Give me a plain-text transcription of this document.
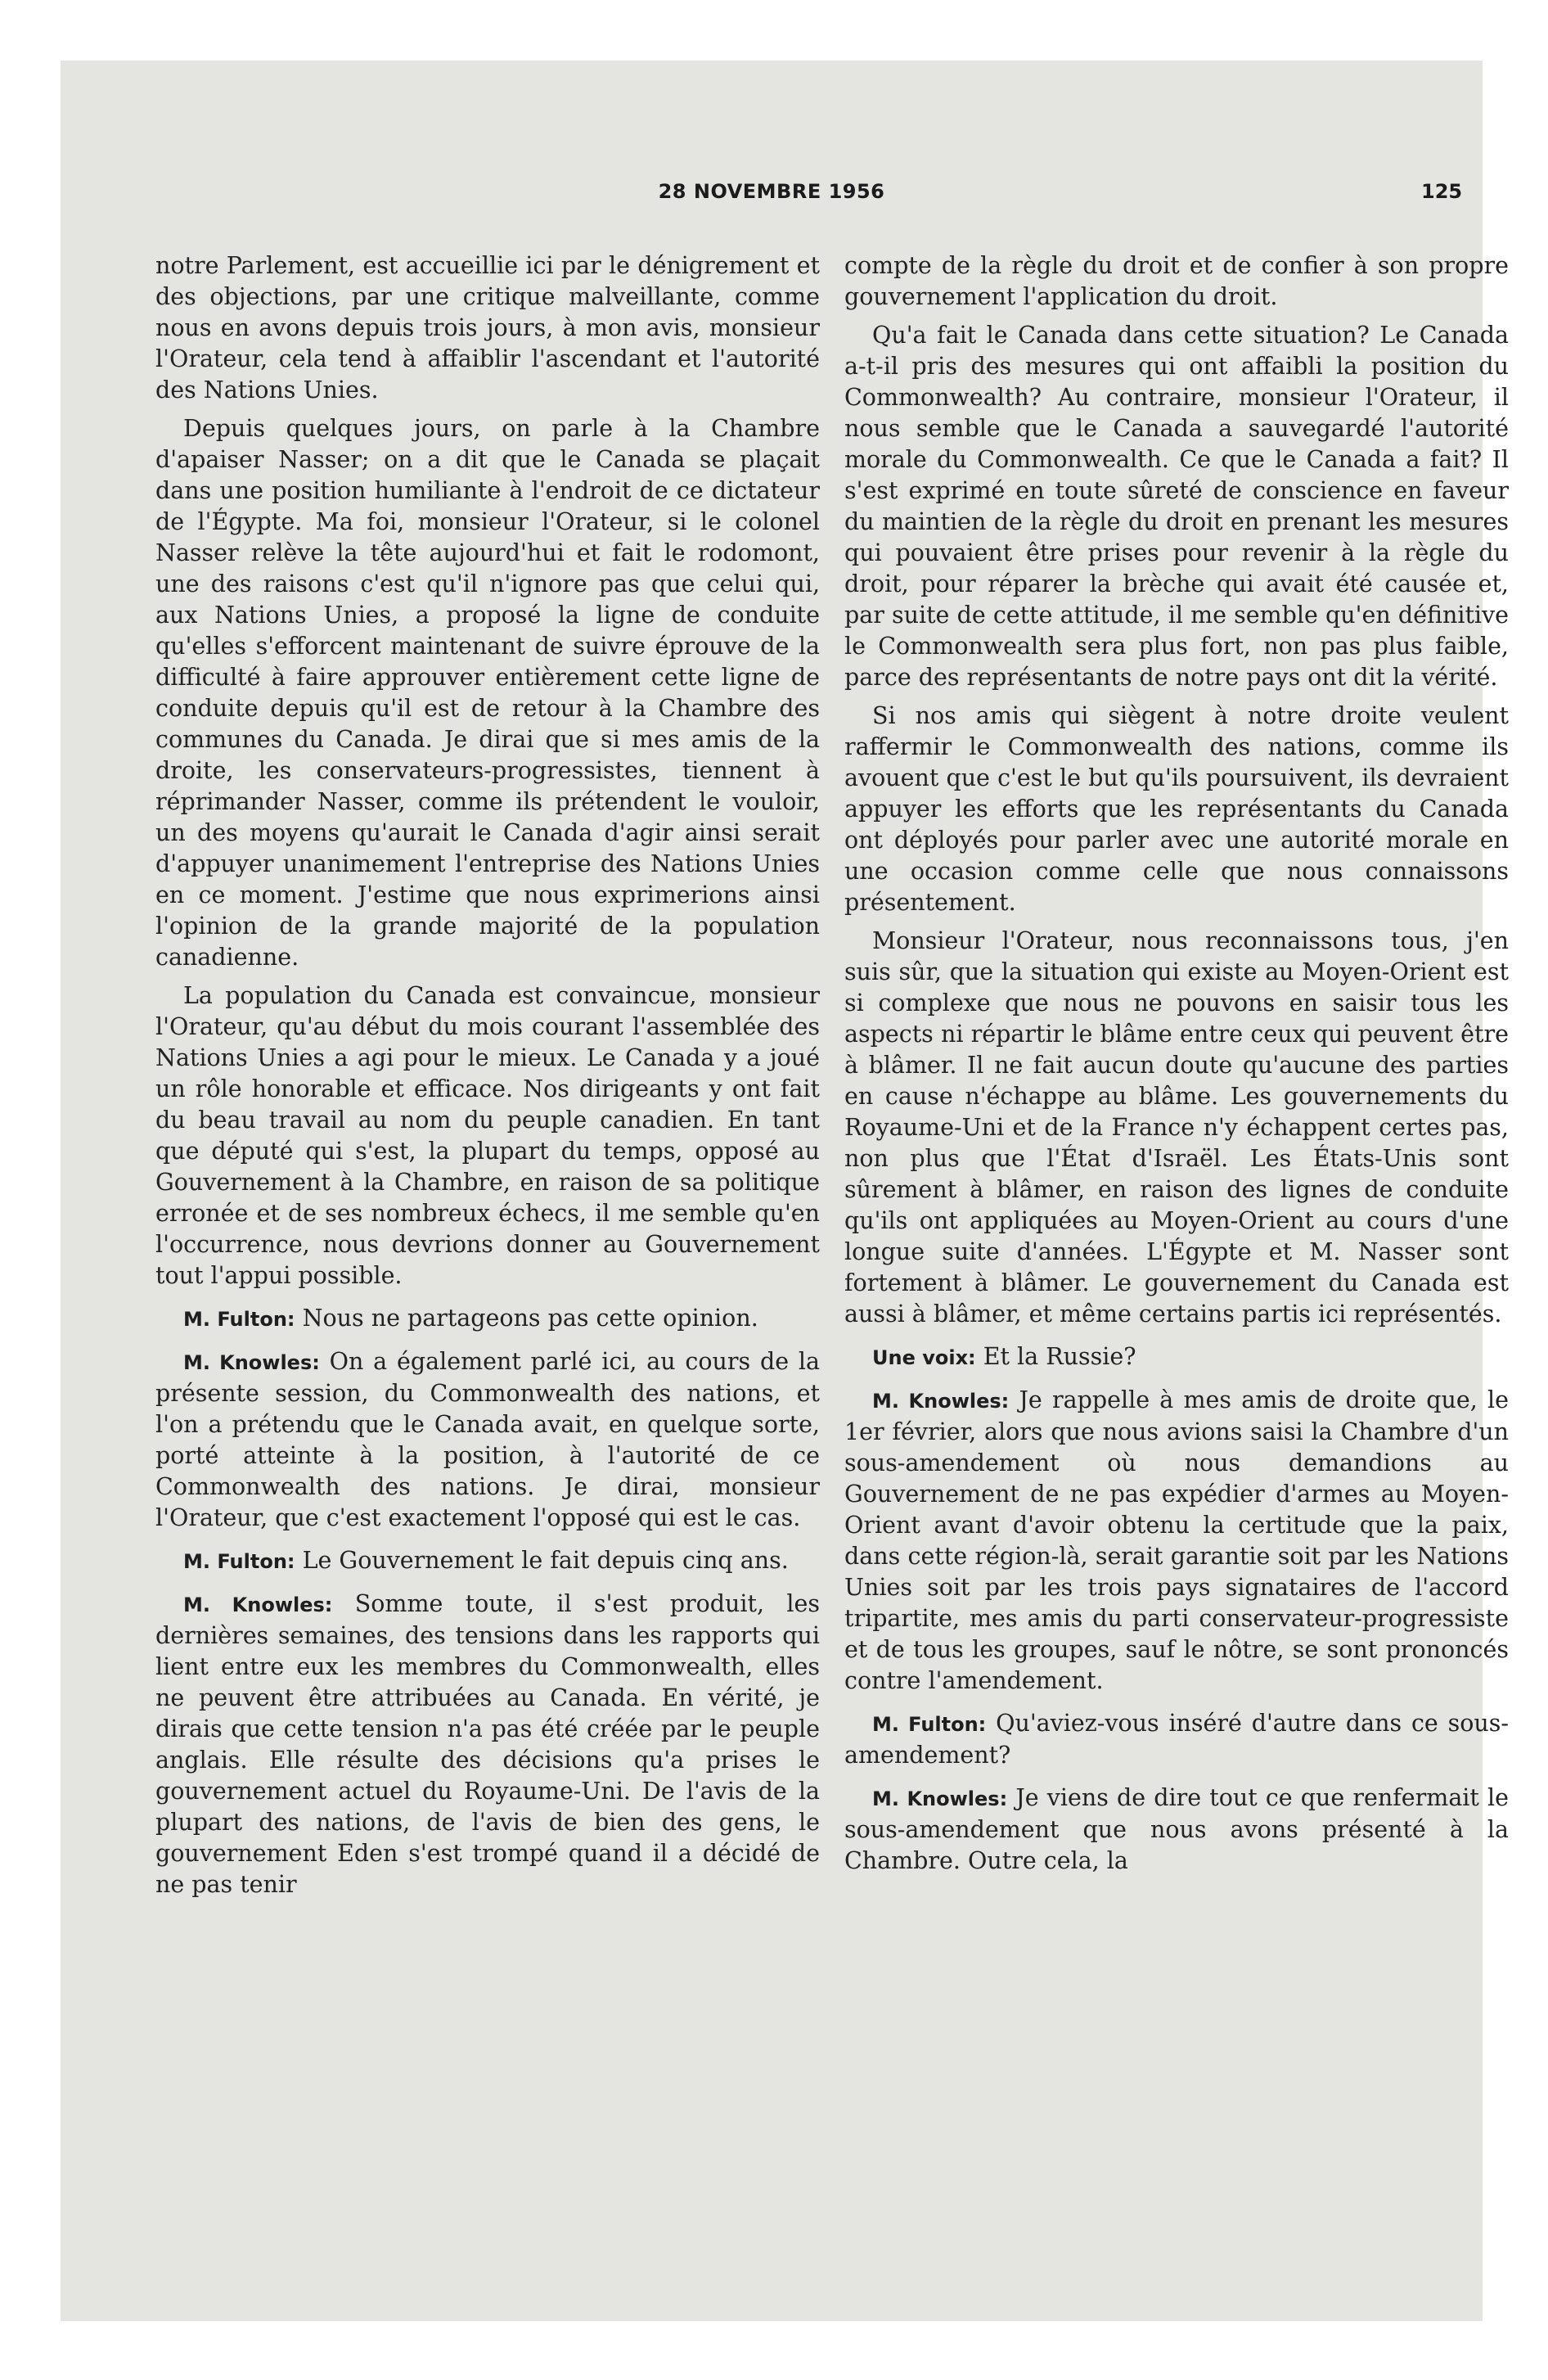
28 NOVEMBRE 1956	125

notre Parlement, est accueillie ici par le dénigrement et des objections, par une critique malveillante, comme nous en avons depuis trois jours, à mon avis, monsieur l'Orateur, cela tend à affaiblir l'ascendant et l'autorité des Nations Unies.

Depuis quelques jours, on parle à la Chambre d'apaiser Nasser; on a dit que le Canada se plaçait dans une position humiliante à l'endroit de ce dictateur de l'Égypte. Ma foi, monsieur l'Orateur, si le colonel Nasser relève la tête aujourd'hui et fait le rodomont, une des raisons c'est qu'il n'ignore pas que celui qui, aux Nations Unies, a proposé la ligne de conduite qu'elles s'efforcent maintenant de suivre éprouve de la difficulté à faire approuver entièrement cette ligne de conduite depuis qu'il est de retour à la Chambre des communes du Canada. Je dirai que si mes amis de la droite, les conservateurs-progressistes, tiennent à réprimander Nasser, comme ils prétendent le vouloir, un des moyens qu'aurait le Canada d'agir ainsi serait d'appuyer unanimement l'entreprise des Nations Unies en ce moment. J'estime que nous exprimerions ainsi l'opinion de la grande majorité de la population canadienne.

La population du Canada est convaincue, monsieur l'Orateur, qu'au début du mois courant l'assemblée des Nations Unies a agi pour le mieux. Le Canada y a joué un rôle honorable et efficace. Nos dirigeants y ont fait du beau travail au nom du peuple canadien. En tant que député qui s'est, la plupart du temps, opposé au Gouvernement à la Chambre, en raison de sa politique erronée et de ses nombreux échecs, il me semble qu'en l'occurrence, nous devrions donner au Gouvernement tout l'appui possible.

M. Fulton: Nous ne partageons pas cette opinion.

M. Knowles: On a également parlé ici, au cours de la présente session, du Commonwealth des nations, et l'on a prétendu que le Canada avait, en quelque sorte, porté atteinte à la position, à l'autorité de ce Commonwealth des nations. Je dirai, monsieur l'Orateur, que c'est exactement l'opposé qui est le cas.

M. Fulton: Le Gouvernement le fait depuis cinq ans.

M. Knowles: Somme toute, il s'est produit, les dernières semaines, des tensions dans les rapports qui lient entre eux les membres du Commonwealth, elles ne peuvent être attribuées au Canada. En vérité, je dirais que cette tension n'a pas été créée par le peuple anglais. Elle résulte des décisions qu'a prises le gouvernement actuel du Royaume-Uni. De l'avis de la plupart des nations, de l'avis de bien des gens, le gouvernement Eden s'est trompé quand il a décidé de ne pas tenir

compte de la règle du droit et de confier à son propre gouvernement l'application du droit.

Qu'a fait le Canada dans cette situation? Le Canada a-t-il pris des mesures qui ont affaibli la position du Commonwealth? Au contraire, monsieur l'Orateur, il nous semble que le Canada a sauvegardé l'autorité morale du Commonwealth. Ce que le Canada a fait? Il s'est exprimé en toute sûreté de conscience en faveur du maintien de la règle du droit en prenant les mesures qui pouvaient être prises pour revenir à la règle du droit, pour réparer la brèche qui avait été causée et, par suite de cette attitude, il me semble qu'en définitive le Commonwealth sera plus fort, non pas plus faible, parce des représentants de notre pays ont dit la vérité.

Si nos amis qui siègent à notre droite veulent raffermir le Commonwealth des nations, comme ils avouent que c'est le but qu'ils poursuivent, ils devraient appuyer les efforts que les représentants du Canada ont déployés pour parler avec une autorité morale en une occasion comme celle que nous connaissons présentement.

Monsieur l'Orateur, nous reconnaissons tous, j'en suis sûr, que la situation qui existe au Moyen-Orient est si complexe que nous ne pouvons en saisir tous les aspects ni répartir le blâme entre ceux qui peuvent être à blâmer. Il ne fait aucun doute qu'aucune des parties en cause n'échappe au blâme. Les gouvernements du Royaume-Uni et de la France n'y échappent certes pas, non plus que l'État d'Israël. Les États-Unis sont sûrement à blâmer, en raison des lignes de conduite qu'ils ont appliquées au Moyen-Orient au cours d'une longue suite d'années. L'Égypte et M. Nasser sont fortement à blâmer. Le gouvernement du Canada est aussi à blâmer, et même certains partis ici représentés.

Une voix: Et la Russie?

M. Knowles: Je rappelle à mes amis de droite que, le 1er février, alors que nous avions saisi la Chambre d'un sous-amendement où nous demandions au Gouvernement de ne pas expédier d'armes au Moyen-Orient avant d'avoir obtenu la certitude que la paix, dans cette région-là, serait garantie soit par les Nations Unies soit par les trois pays signataires de l'accord tripartite, mes amis du parti conservateur-progressiste et de tous les groupes, sauf le nôtre, se sont prononcés contre l'amendement.

M. Fulton: Qu'aviez-vous inséré d'autre dans ce sous-amendement?

M. Knowles: Je viens de dire tout ce que renfermait le sous-amendement que nous avons présenté à la Chambre. Outre cela, la
